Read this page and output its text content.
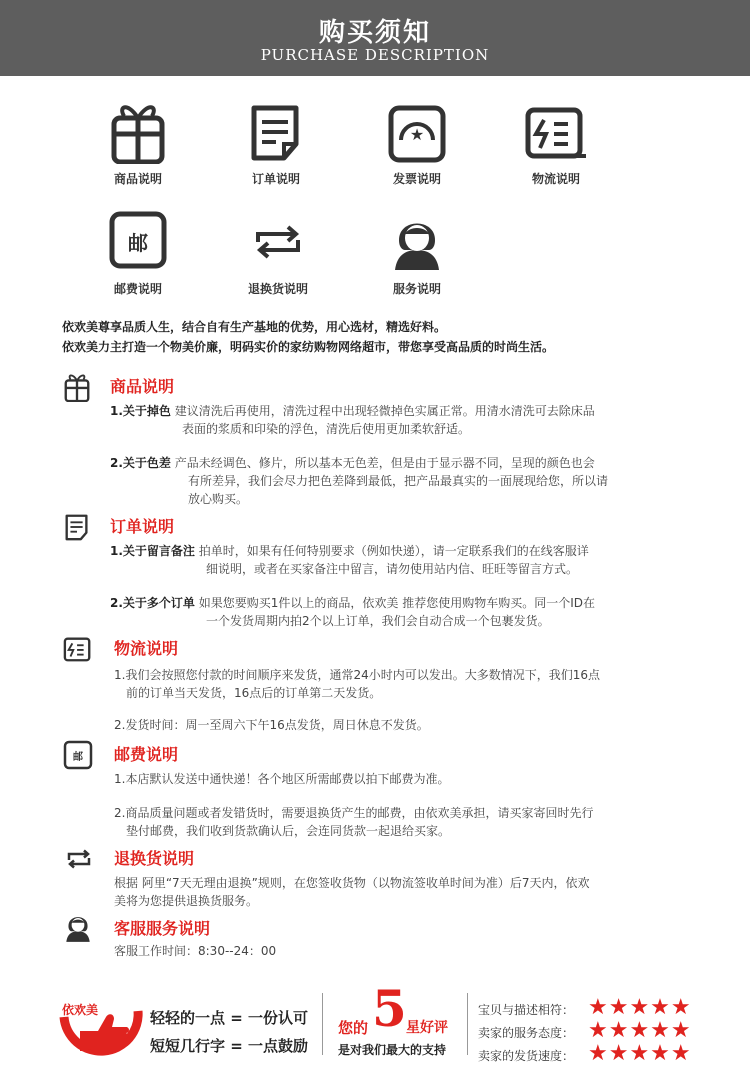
购买须知
PURCHASE DESCRIPTION
商品说明	订单说明
★
发票说明	物流说明
邮
邮费说明	退换货说明	服务说明
依欢美尊享品质人生，结合自有生产基地的优势，用心选材，精选好料。
依欢美力主打造一个物美价廉，明码实价的家纺购物网络超市，带您享受高品质的时尚生活。
商品说明
1.关于掉色 建议清洗后再使用，清洗过程中出现轻微掉色实属正常。用清水清洗可去除床品
表面的浆质和印染的浮色，清洗后使用更加柔软舒适。
2.关于色差 产品未经调色、修片，所以基本无色差，但是由于显示器不同，呈现的颜色也会
有所差异，我们会尽力把色差降到最低，把产品最真实的一面展现给您，所以请
放心购买。
订单说明
1.关于留言备注 拍单时，如果有任何特别要求（例如快递），请一定联系我们的在线客服详
细说明，或者在买家备注中留言，请勿使用站内信、旺旺等留言方式。
2.关于多个订单 如果您要购买1件以上的商品，依欢美 推荐您使用购物车购买。同一个ID在
一个发货周期内拍2个以上订单，我们会自动合成一个包裹发货。
物流说明
1.我们会按照您付款的时间顺序来发货，通常24小时内可以发出。大多数情况下，我们16点
前的订单当天发货，16点后的订单第二天发货。
2.发货时间：周一至周六下午16点发货，周日休息不发货。
邮 邮费说明
1.本店默认发送中通快递！各个地区所需邮费以拍下邮费为准。
2.商品质量问题或者发错货时，需要退换货产生的邮费，由依欢美承担，请买家寄回时先行
垫付邮费，我们收到货款确认后，会连同货款一起退给买家。
退换货说明
根据 阿里“7天无理由退换”规则，在您签收货物（以物流签收单时间为准）后7天内，依欢
美将为您提供退换货服务。
客服服务说明
客服工作时间：8:30--24：00
依欢美	轻轻的一点 = 一份认可
短短几行字 = 一点鼓励
您的 5 星好评
是对我们最大的支持
宝贝与描述相符： ★★★★★
卖家的服务态度： ★★★★★
卖家的发货速度： ★★★★★
